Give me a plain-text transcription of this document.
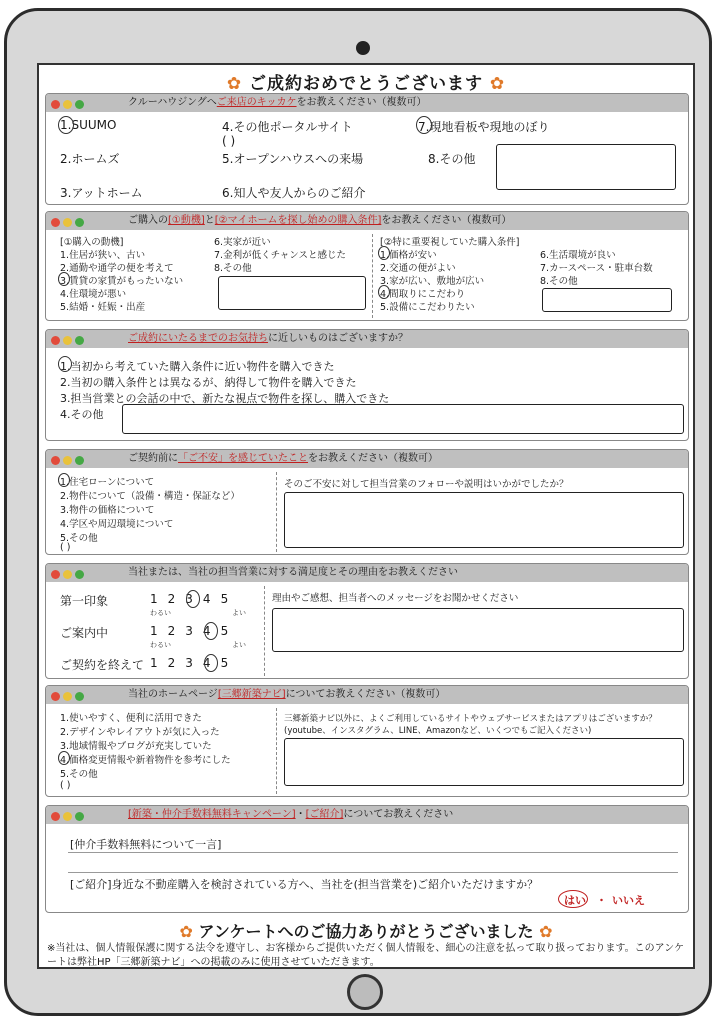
✿ ご成約おめでとうございます ✿
クルーハウジングへご来店のキッカケをお教えください（複数可）
1.SUUMO
2.ホームズ
3.アットホーム
4.その他ポータルサイト
( )
5.オープンハウスへの来場
6.知人や友人からのご紹介
7.現地看板や現地のぼり
8.その他
ご購入の[①動機]と[②マイホームを探し始めの購入条件]をお教えください（複数可）
[①購入の動機]
1.住居が狭い、古い
2.通勤や通学の便を考えて
3.賃貸の家賃がもったいない
4.住環境が悪い
5.結婚・妊娠・出産
6.実家が近い
7.金利が低くチャンスと感じた
8.その他
[②特に重要視していた購入条件]
1.価格が安い
2.交通の便がよい
3.家が広い、敷地が広い
4.間取りにこだわり
5.設備にこだわりたい
6.生活環境が良い
7.カースペース・駐車台数
8.その他
ご成約にいたるまでのお気持ちに近しいものはございますか？
1.当初から考えていた購入条件に近い物件を購入できた
2.当初の購入条件とは異なるが、納得して物件を購入できた
3.担当営業との会話の中で、新たな視点で物件を探し、購入できた
4.その他
ご契約前に「ご不安」を感じていたことをお教えください（複数可）
1.住宅ローンについて
2.物件について（設備・構造・保証など）
3.物件の価格について
4.学区や周辺環境について
5.その他
( )
そのご不安に対して担当営業のフォローや説明はいかがでしたか？
当社または、当社の担当営業に対する満足度とその理由をお教えください
第一印象	12345
わるい	よい
ご案内中	12345
わるい	よい
ご契約を終えて 12345
理由やご感想、担当者へのメッセージをお聞かせください
当社のホームページ[三郷新築ナビ]についてお教えください（複数可）
1.使いやすく、便利に活用できた
2.デザインやレイアウトが気に入った
3.地域情報やブログが充実していた
4.価格変更情報や新着物件を参考にした
5.その他
( )
三郷新築ナビ以外に、よくご利用しているサイトやウェブサービスまたはアプリはございますか？
(youtube、インスタグラム、LINE、Amazonなど、いくつでもご記入ください)
[新築・仲介手数料無料キャンペーン]・[ご紹介]についてお教えください
[仲介手数料無料について一言]
[ご紹介]身近な不動産購入を検討されている方へ、当社を(担当営業を)ご紹介いただけますか？
はい ・ いいえ
✿ アンケートへのご協力ありがとうございました ✿
※当社は、個人情報保護に関する法令を遵守し、お客様からご提供いただく個人情報を、細心の注意を払って取り扱っております。このアンケートは弊社HP「三郷新築ナビ」への掲載のみに使用させていただきます。
